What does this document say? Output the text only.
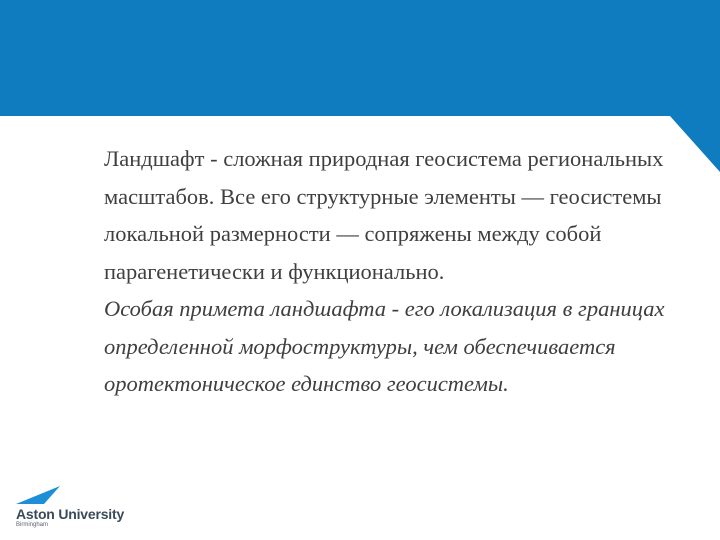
Ландшафт - сложная природная геосистема региональных масштабов. Все его структурные элементы — геосистемы локальной размерности — сопряжены между собой парагенетически и функционально.

Особая примета ландшафта - его локализация в границах определенной морфоструктуры, чем обеспечивается оротектоническое единство геосистемы.

Aston University
Birmingham
